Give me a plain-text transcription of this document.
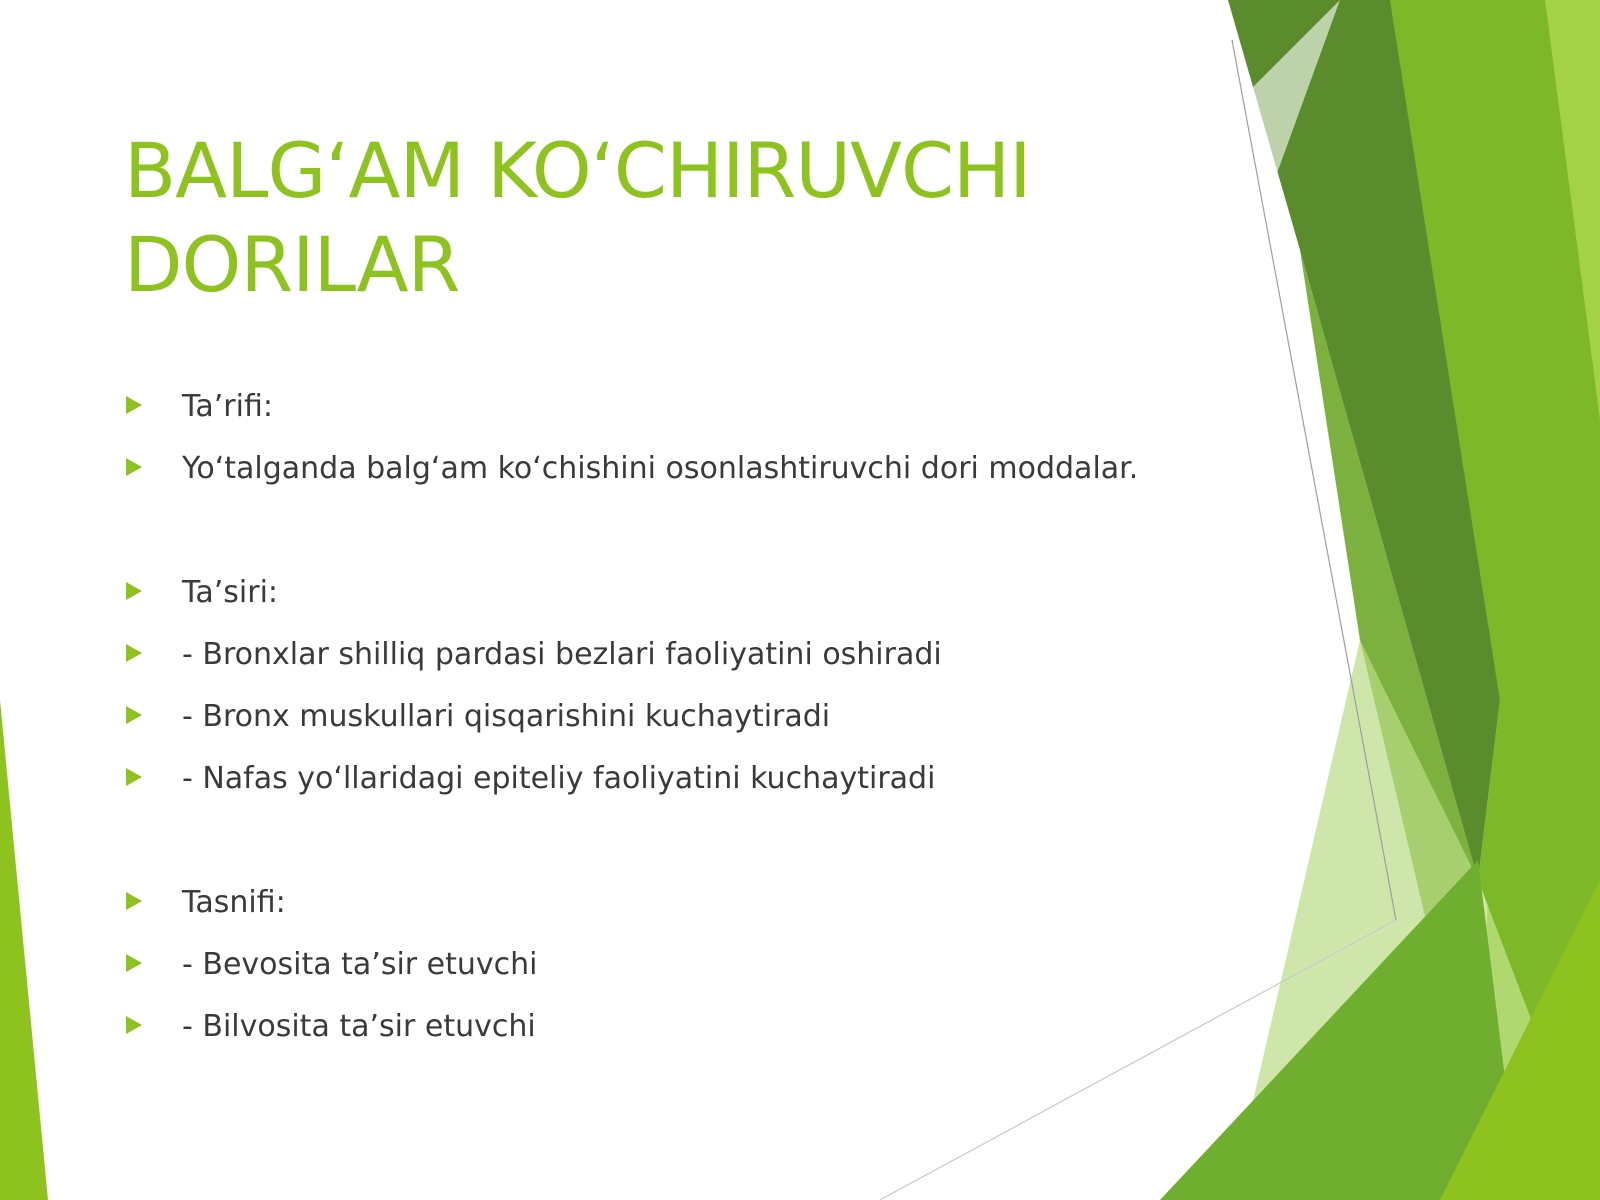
BALG‘AM KO‘CHIRUVCHI
DORILAR
Ta’rifi:
Yo‘talganda balg‘am ko‘chishini osonlashtiruvchi dori moddalar.
Ta’siri:
- Bronxlar shilliq pardasi bezlari faoliyatini oshiradi
- Bronx muskullari qisqarishini kuchaytiradi
- Nafas yo‘llaridagi epiteliy faoliyatini kuchaytiradi
Tasnifi:
- Bevosita ta’sir etuvchi
- Bilvosita ta’sir etuvchi
